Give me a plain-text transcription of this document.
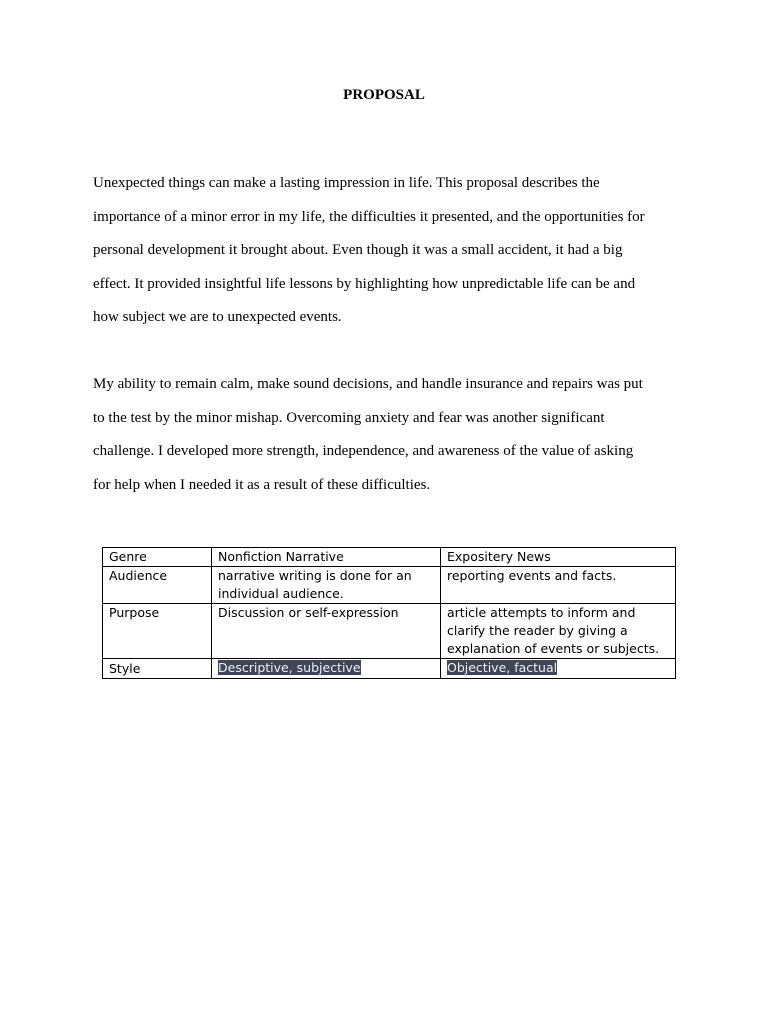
PROPOSAL

Unexpected things can make a lasting impression in life. This proposal describes the
importance of a minor error in my life, the difficulties it presented, and the opportunities for
personal development it brought about. Even though it was a small accident, it had a big
effect. It provided insightful life lessons by highlighting how unpredictable life can be and
how subject we are to unexpected events.

My ability to remain calm, make sound decisions, and handle insurance and repairs was put
to the test by the minor mishap. Overcoming anxiety and fear was another significant
challenge. I developed more strength, independence, and awareness of the value of asking
for help when I needed it as a result of these difficulties.

Genre	Nonfiction Narrative	Expositery News
Audience	narrative writing is done for an individual audience.	reporting events and facts.
Purpose	Discussion or self-expression	article attempts to inform and clarify the reader by giving a explanation of events or subjects.
Style	Descriptive, subjective	Objective, factual
